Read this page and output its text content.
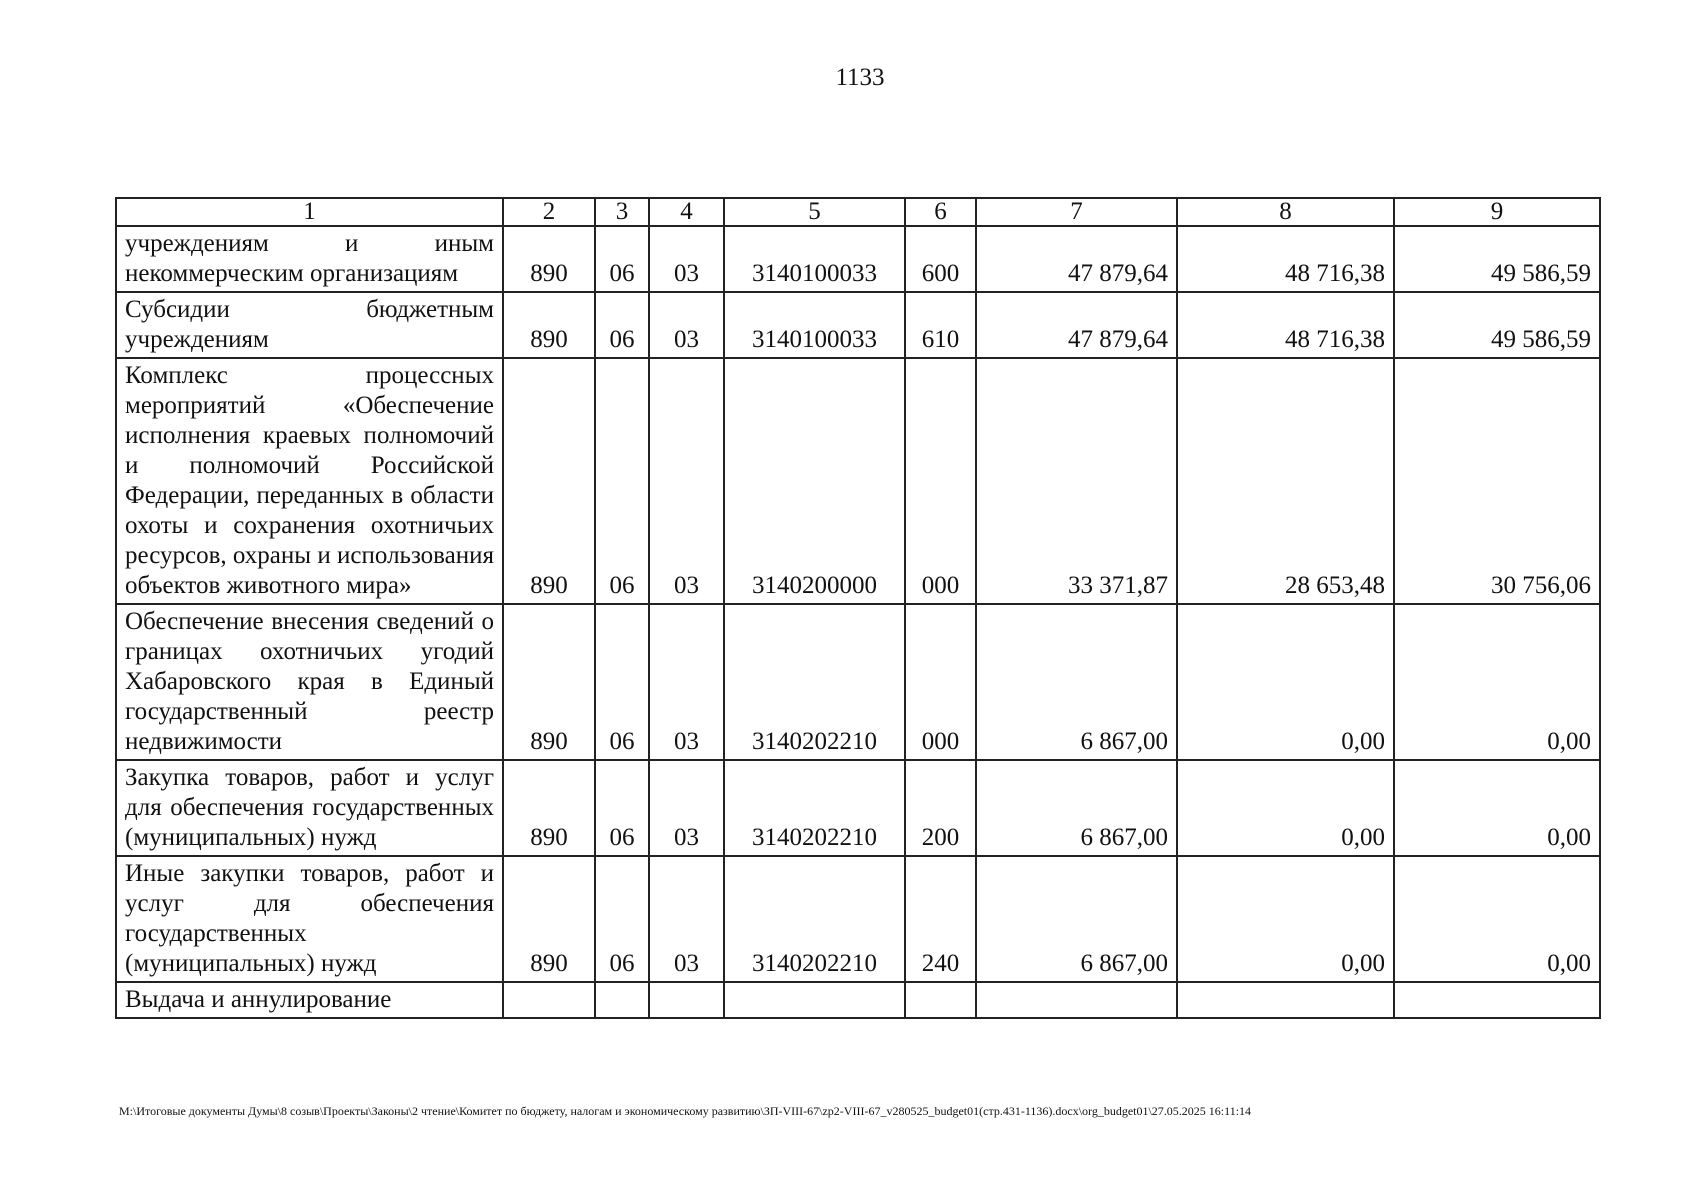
1133
1	2	3	4	5	6	7	8	9
учреждениям и иным некоммерческим организациям	890	06	03	3140100033	600	47 879,64	48 716,38	49 586,59
Субсидии бюджетным учреждениям	890	06	03	3140100033	610	47 879,64	48 716,38	49 586,59
Комплекс процессных мероприятий «Обеспечение исполнения краевых полномочий и полномочий Российской Федерации, переданных в области охоты и сохранения охотничьих ресурсов, охраны и использования объектов животного мира»	890	06	03	3140200000	000	33 371,87	28 653,48	30 756,06
Обеспечение внесения сведений о границах охотничьих угодий Хабаровского края в Единый государственный реестр недвижимости	890	06	03	3140202210	000	6 867,00	0,00	0,00
Закупка товаров, работ и услуг для обеспечения государственных (муниципальных) нужд	890	06	03	3140202210	200	6 867,00	0,00	0,00
Иные закупки товаров, работ и услуг для обеспечения государственных (муниципальных) нужд	890	06	03	3140202210	240	6 867,00	0,00	0,00
Выдача и аннулирование								
М:\Итоговые документы Думы\8 созыв\Проекты\Законы\2 чтение\Комитет по бюджету, налогам и экономическому развитию\ЗП-VIII-67\zp2-VIII-67_v280525_budget01(стр.431-1136).docx\org_budget01\27.05.2025 16:11:14
